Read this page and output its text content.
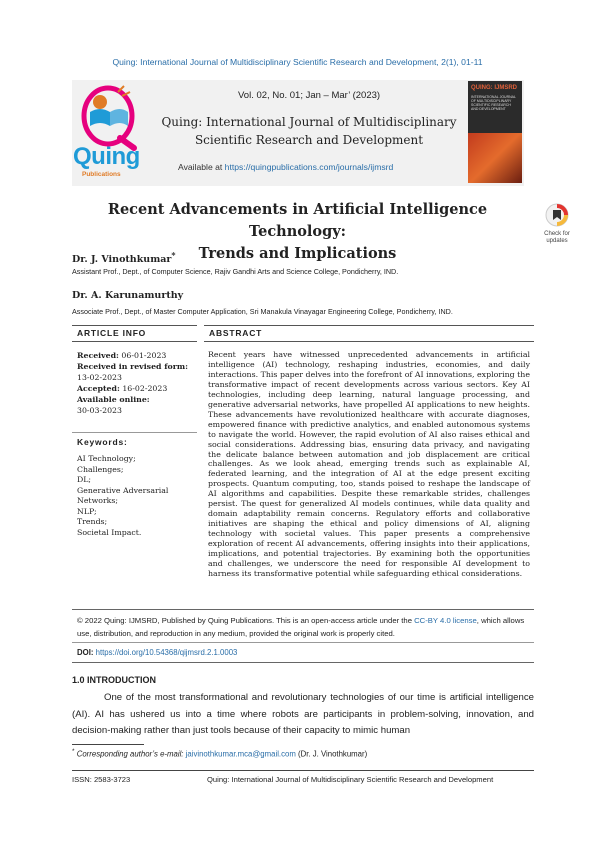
Quing: International Journal of Multidisciplinary Scientific Research and Development, 2(1), 01-11
Quing
Publications
Vol. 02, No. 01; Jan – Mar’ (2023)
Quing: International Journal of Multidisciplinary
Scientific Research and Development
Available at https://quingpublications.com/journals/ijmsrd
QUING: IJMSRD
INTERNATIONAL JOURNAL OF MULTIDISCIPLINARY SCIENTIFIC RESEARCH AND DEVELOPMENT
Recent Advancements in Artificial Intelligence Technology:
Trends and Implications
Check for
updates
Dr. J. Vinothkumar*
Assistant Prof., Dept., of Computer Science, Rajiv Gandhi Arts and Science College, Pondicherry, IND.
Dr. A. Karunamurthy
Associate Prof., Dept., of Master Computer Application, Sri Manakula Vinayagar Engineering College, Pondicherry, IND.
ARTICLE INFO	ABSTRACT
Received: 06-01-2023
Received in revised form:
13-02-2023
Accepted: 16-02-2023
Available online:
30-03-2023
Keywords:
AI Technology;
Challenges;
DL;
Generative Adversarial
Networks;
NLP;
Trends;
Societal Impact.
Recent years have witnessed unprecedented advancements in artificial intelligence (AI) technology, reshaping industries, economies, and daily interactions. This paper delves into the forefront of AI innovations, exploring the transformative impact of recent developments across various sectors. Key AI technologies, including deep learning, natural language processing, and generative adversarial networks, have propelled AI applications to new heights. These advancements have revolutionized healthcare with accurate diagnoses, empowered finance with predictive analytics, and enabled autonomous systems to navigate the world. However, the rapid evolution of AI also raises ethical and social considerations. Addressing bias, ensuring data privacy, and navigating the delicate balance between automation and job displacement are critical challenges. As we look ahead, emerging trends such as explainable AI, federated learning, and the integration of AI at the edge present exciting prospects. Quantum computing, too, stands poised to reshape the landscape of AI algorithms and capabilities. Despite these remarkable strides, challenges persist. The quest for generalized AI models continues, while data quality and domain adaptability remain concerns. Regulatory efforts and collaborative initiatives are shaping the ethical and policy dimensions of AI, aligning technology with societal values. This paper presents a comprehensive exploration of recent AI advancements, offering insights into their applications, implications, and potential trajectories. By examining both the opportunities and challenges, we underscore the need for responsible AI development to harness its transformative potential while safeguarding ethical considerations.
© 2022 Quing: IJMSRD, Published by Quing Publications. This is an open-access article under the CC-BY 4.0 license, which allows use, distribution, and reproduction in any medium, provided the original work is properly cited.
DOI: https://doi.org/10.54368/qijmsrd.2.1.0003
1.0 INTRODUCTION
One of the most transformational and revolutionary technologies of our time is artificial intelligence (AI). AI has ushered us into a time where robots are participants in problem-solving, innovation, and decision-making rather than just tools because of their capacity to mimic human
* Corresponding author’s e-mail: jaivinothkumar.mca@gmail.com (Dr. J. Vinothkumar)
ISSN: 2583-3723	Quing: International Journal of Multidisciplinary Scientific Research and Development
